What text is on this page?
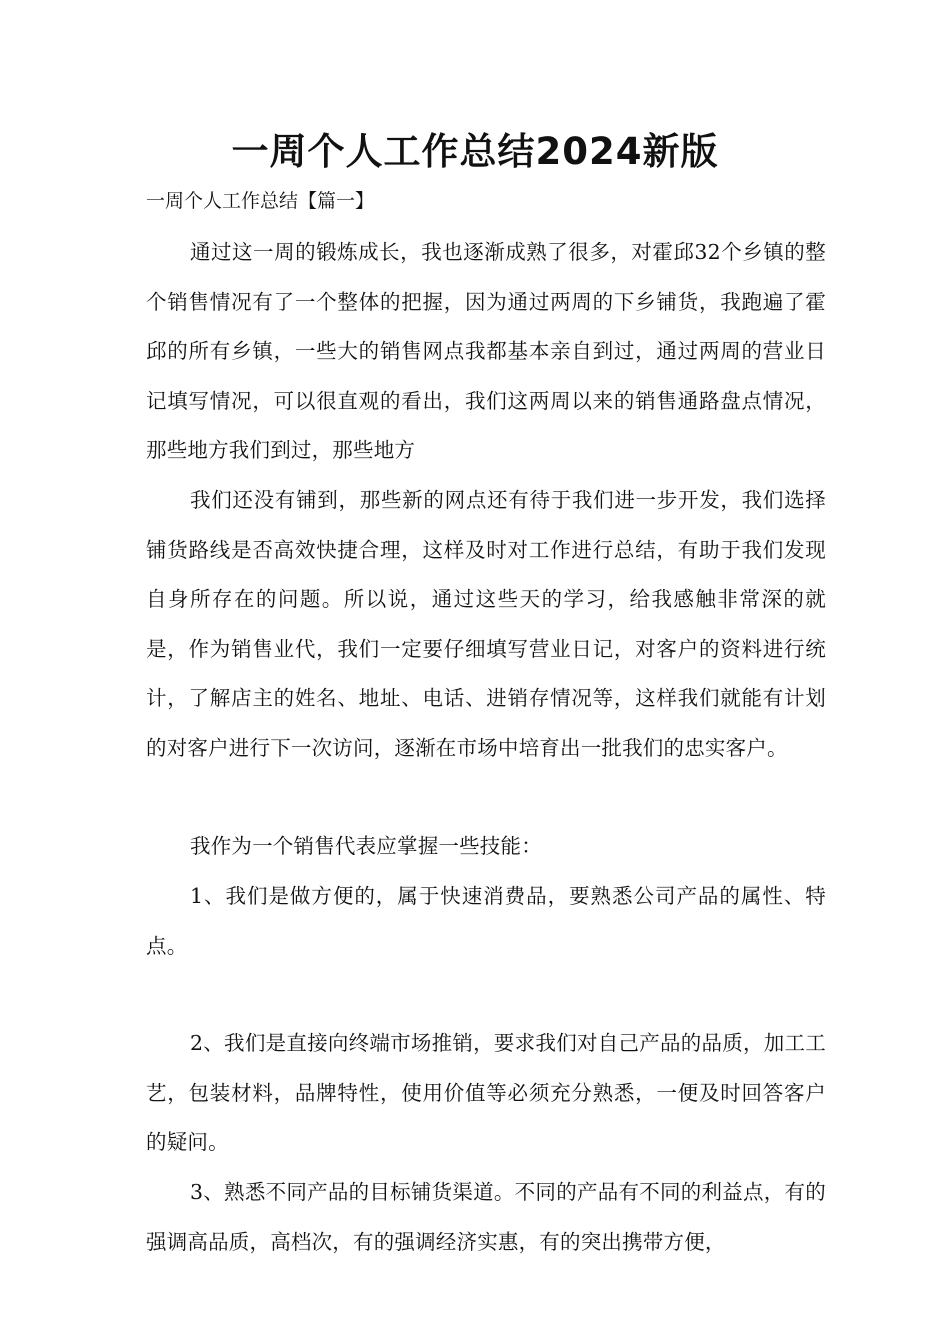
一周个人工作总结2024新版

一周个人工作总结【篇一】

通过这一周的锻炼成长，我也逐渐成熟了很多，对霍邱32个乡镇的整个销售情况有了一个整体的把握，因为通过两周的下乡铺货，我跑遍了霍邱的所有乡镇，一些大的销售网点我都基本亲自到过，通过两周的营业日记填写情况，可以很直观的看出，我们这两周以来的销售通路盘点情况，那些地方我们到过，那些地方

我们还没有铺到，那些新的网点还有待于我们进一步开发，我们选择铺货路线是否高效快捷合理，这样及时对工作进行总结，有助于我们发现自身所存在的问题。所以说，通过这些天的学习，给我感触非常深的就是，作为销售业代，我们一定要仔细填写营业日记，对客户的资料进行统计，了解店主的姓名、地址、电话、进销存情况等，这样我们就能有计划的对客户进行下一次访问，逐渐在市场中培育出一批我们的忠实客户。

我作为一个销售代表应掌握一些技能：

1、我们是做方便的，属于快速消费品，要熟悉公司产品的属性、特点。

2、我们是直接向终端市场推销，要求我们对自己产品的品质，加工工艺，包装材料，品牌特性，使用价值等必须充分熟悉，一便及时回答客户的疑问。

3、熟悉不同产品的目标铺货渠道。不同的产品有不同的利益点，有的强调高品质，高档次，有的强调经济实惠，有的突出携带方便，
